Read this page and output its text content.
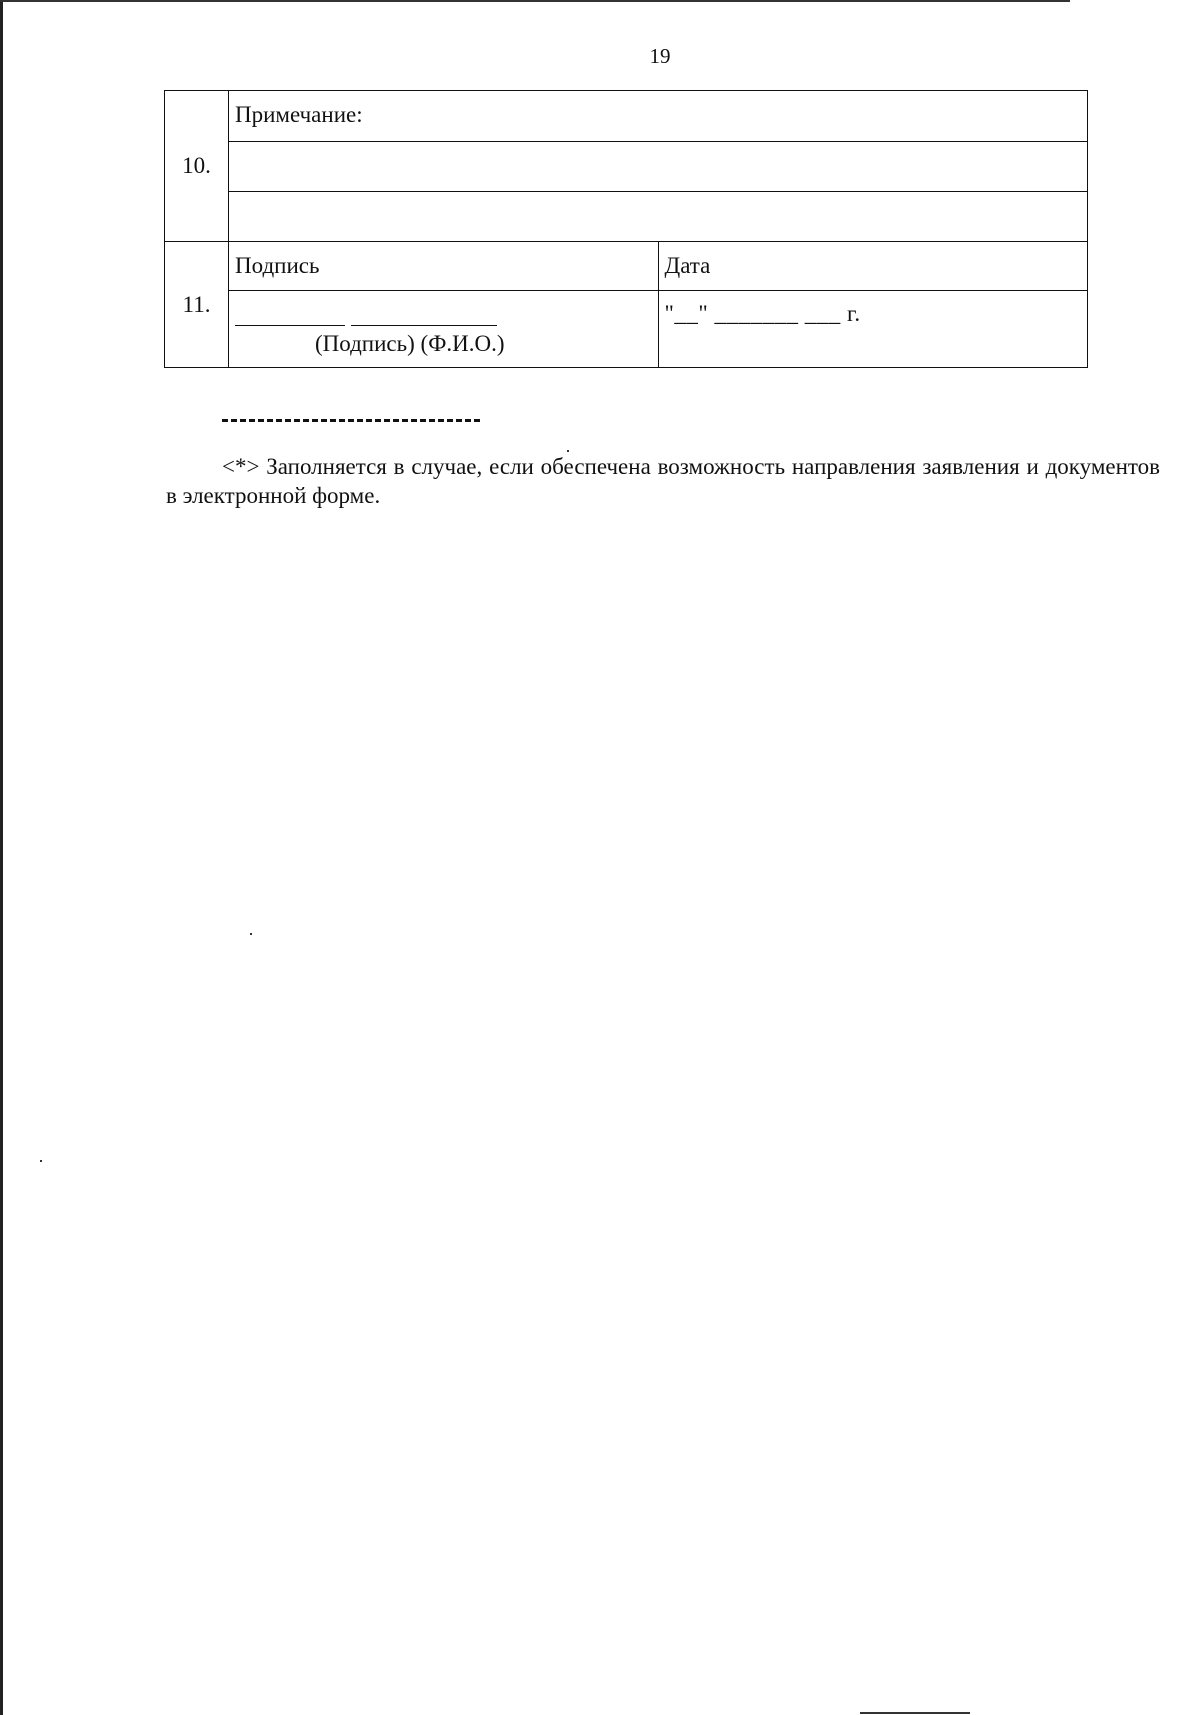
19
10.	Примечание:	

11.	Подпись	Дата

	(Подпись) (Ф.И.О.)	"__" _______ ___ г.
<*> Заполняется в случае, если обеспечена возможность направления заявления и документов в электронной форме.
